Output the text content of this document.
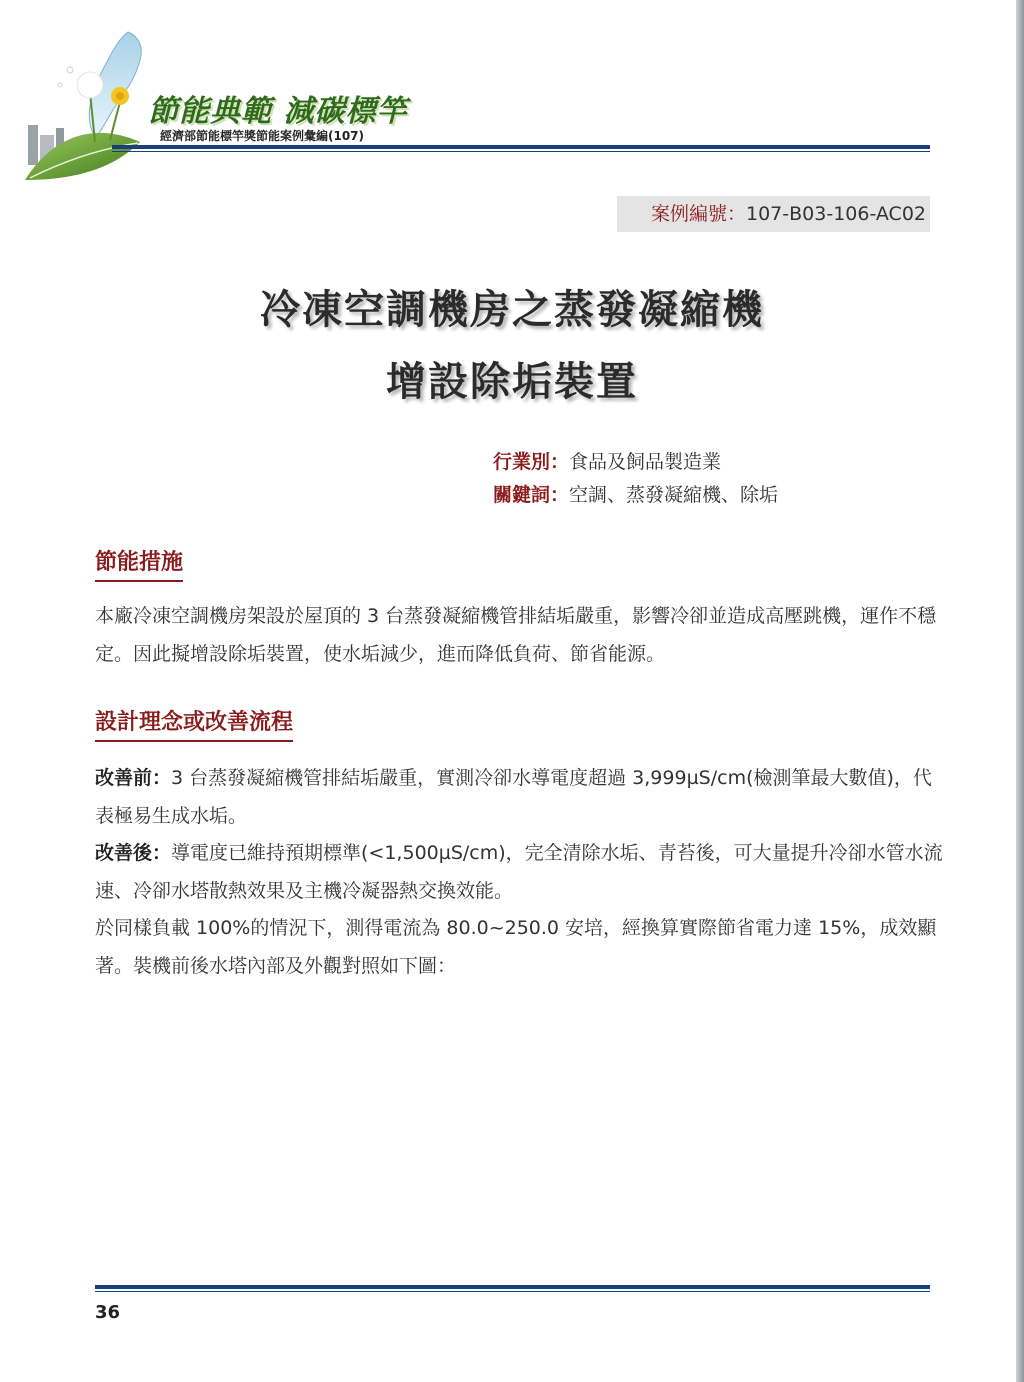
節能典範 減碳標竿
經濟部節能標竿獎節能案例彙編(107)
案例編號：107-B03-106-AC02
冷凍空調機房之蒸發凝縮機
增設除垢裝置
行業別：食品及飼品製造業
關鍵詞：空調、蒸發凝縮機、除垢
節能措施
本廠冷凍空調機房架設於屋頂的 3 台蒸發凝縮機管排結垢嚴重，影響冷卻並造成高壓跳機，運作不穩定。因此擬增設除垢裝置，使水垢減少，進而降低負荷、節省能源。
設計理念或改善流程
改善前：3 台蒸發凝縮機管排結垢嚴重，實測冷卻水導電度超過 3,999µS/cm(檢測筆最大數值)，代表極易生成水垢。
改善後：導電度已維持預期標準(<1,500µS/cm)，完全清除水垢、青苔後，可大量提升冷卻水管水流速、冷卻水塔散熱效果及主機冷凝器熱交換效能。
於同樣負載 100%的情況下，測得電流為 80.0~250.0 安培，經換算實際節省電力達 15%，成效顯著。裝機前後水塔內部及外觀對照如下圖：
36
